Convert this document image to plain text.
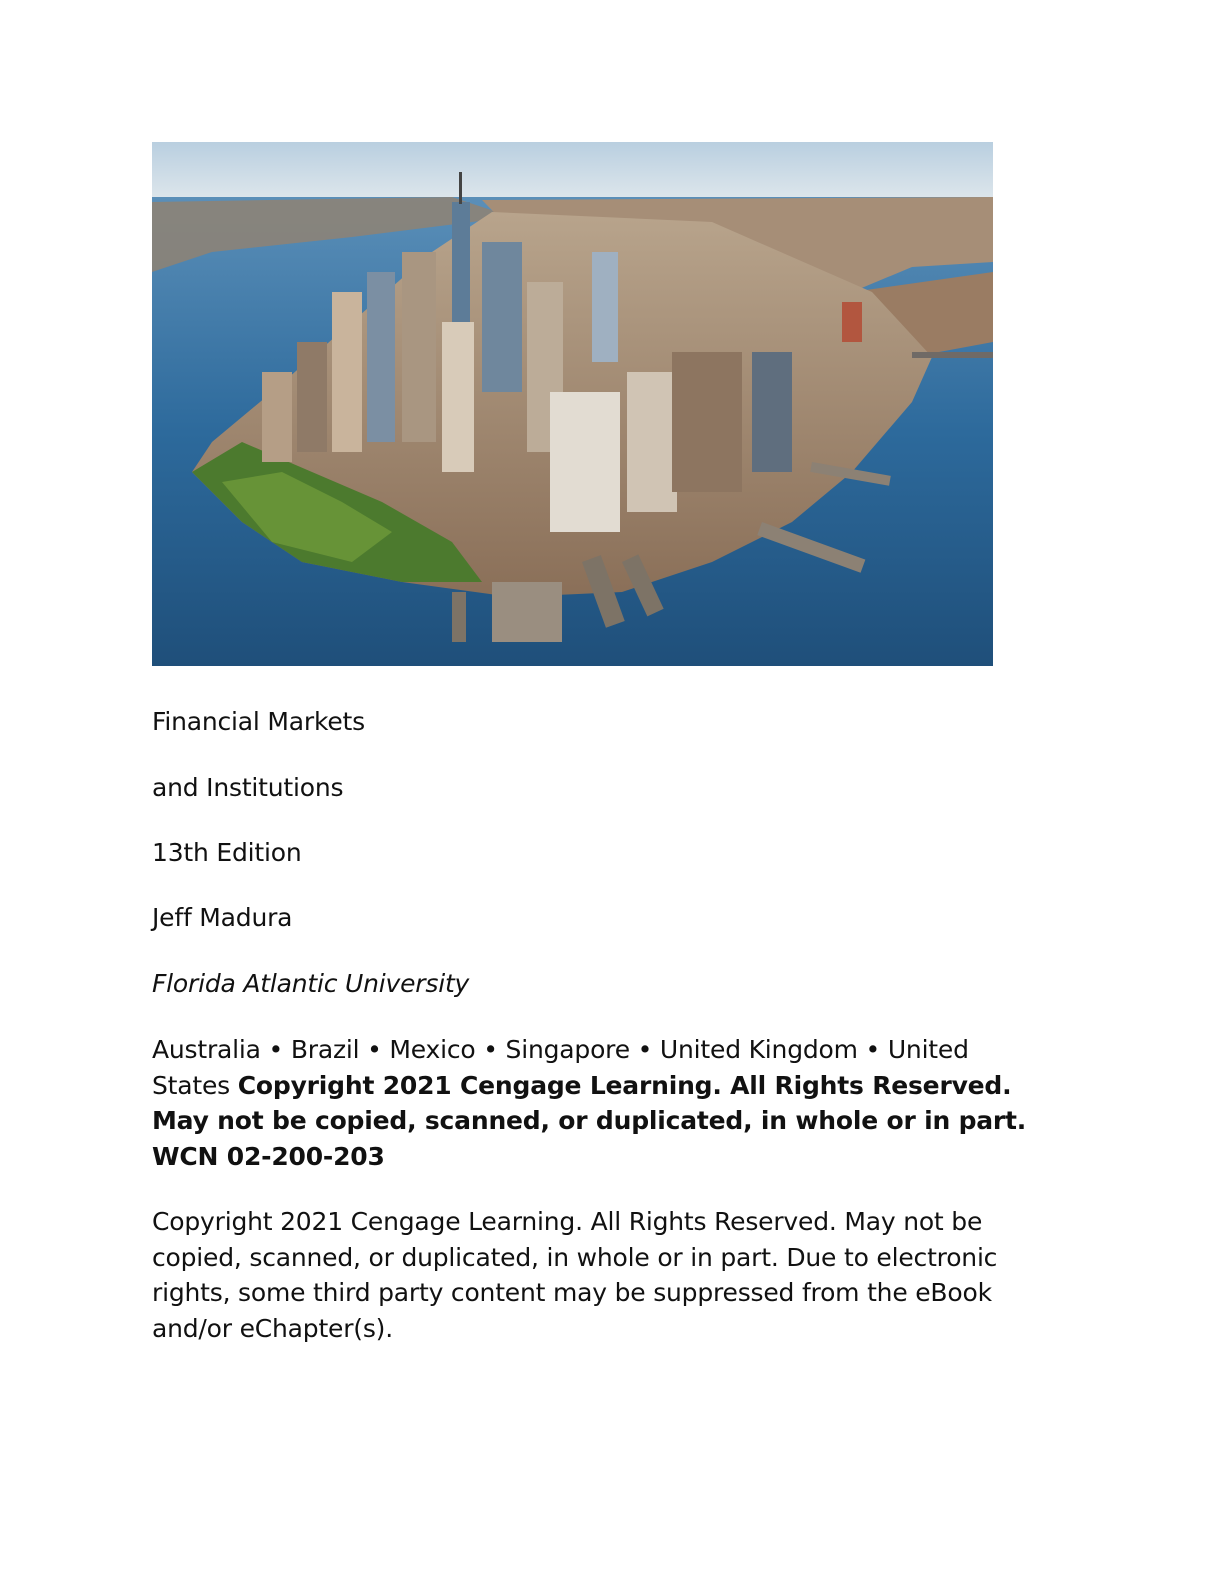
Financial Markets
and Institutions
13th Edition
Jeff Madura
Florida Atlantic University
Australia • Brazil • Mexico • Singapore • United Kingdom • United States Copyright 2021 Cengage Learning. All Rights Reserved. May not be copied, scanned, or duplicated, in whole or in part. WCN 02-200-203
Copyright 2021 Cengage Learning. All Rights Reserved. May not be copied, scanned, or duplicated, in whole or in part. Due to electronic rights, some third party content may be suppressed from the eBook and/or eChapter(s).
